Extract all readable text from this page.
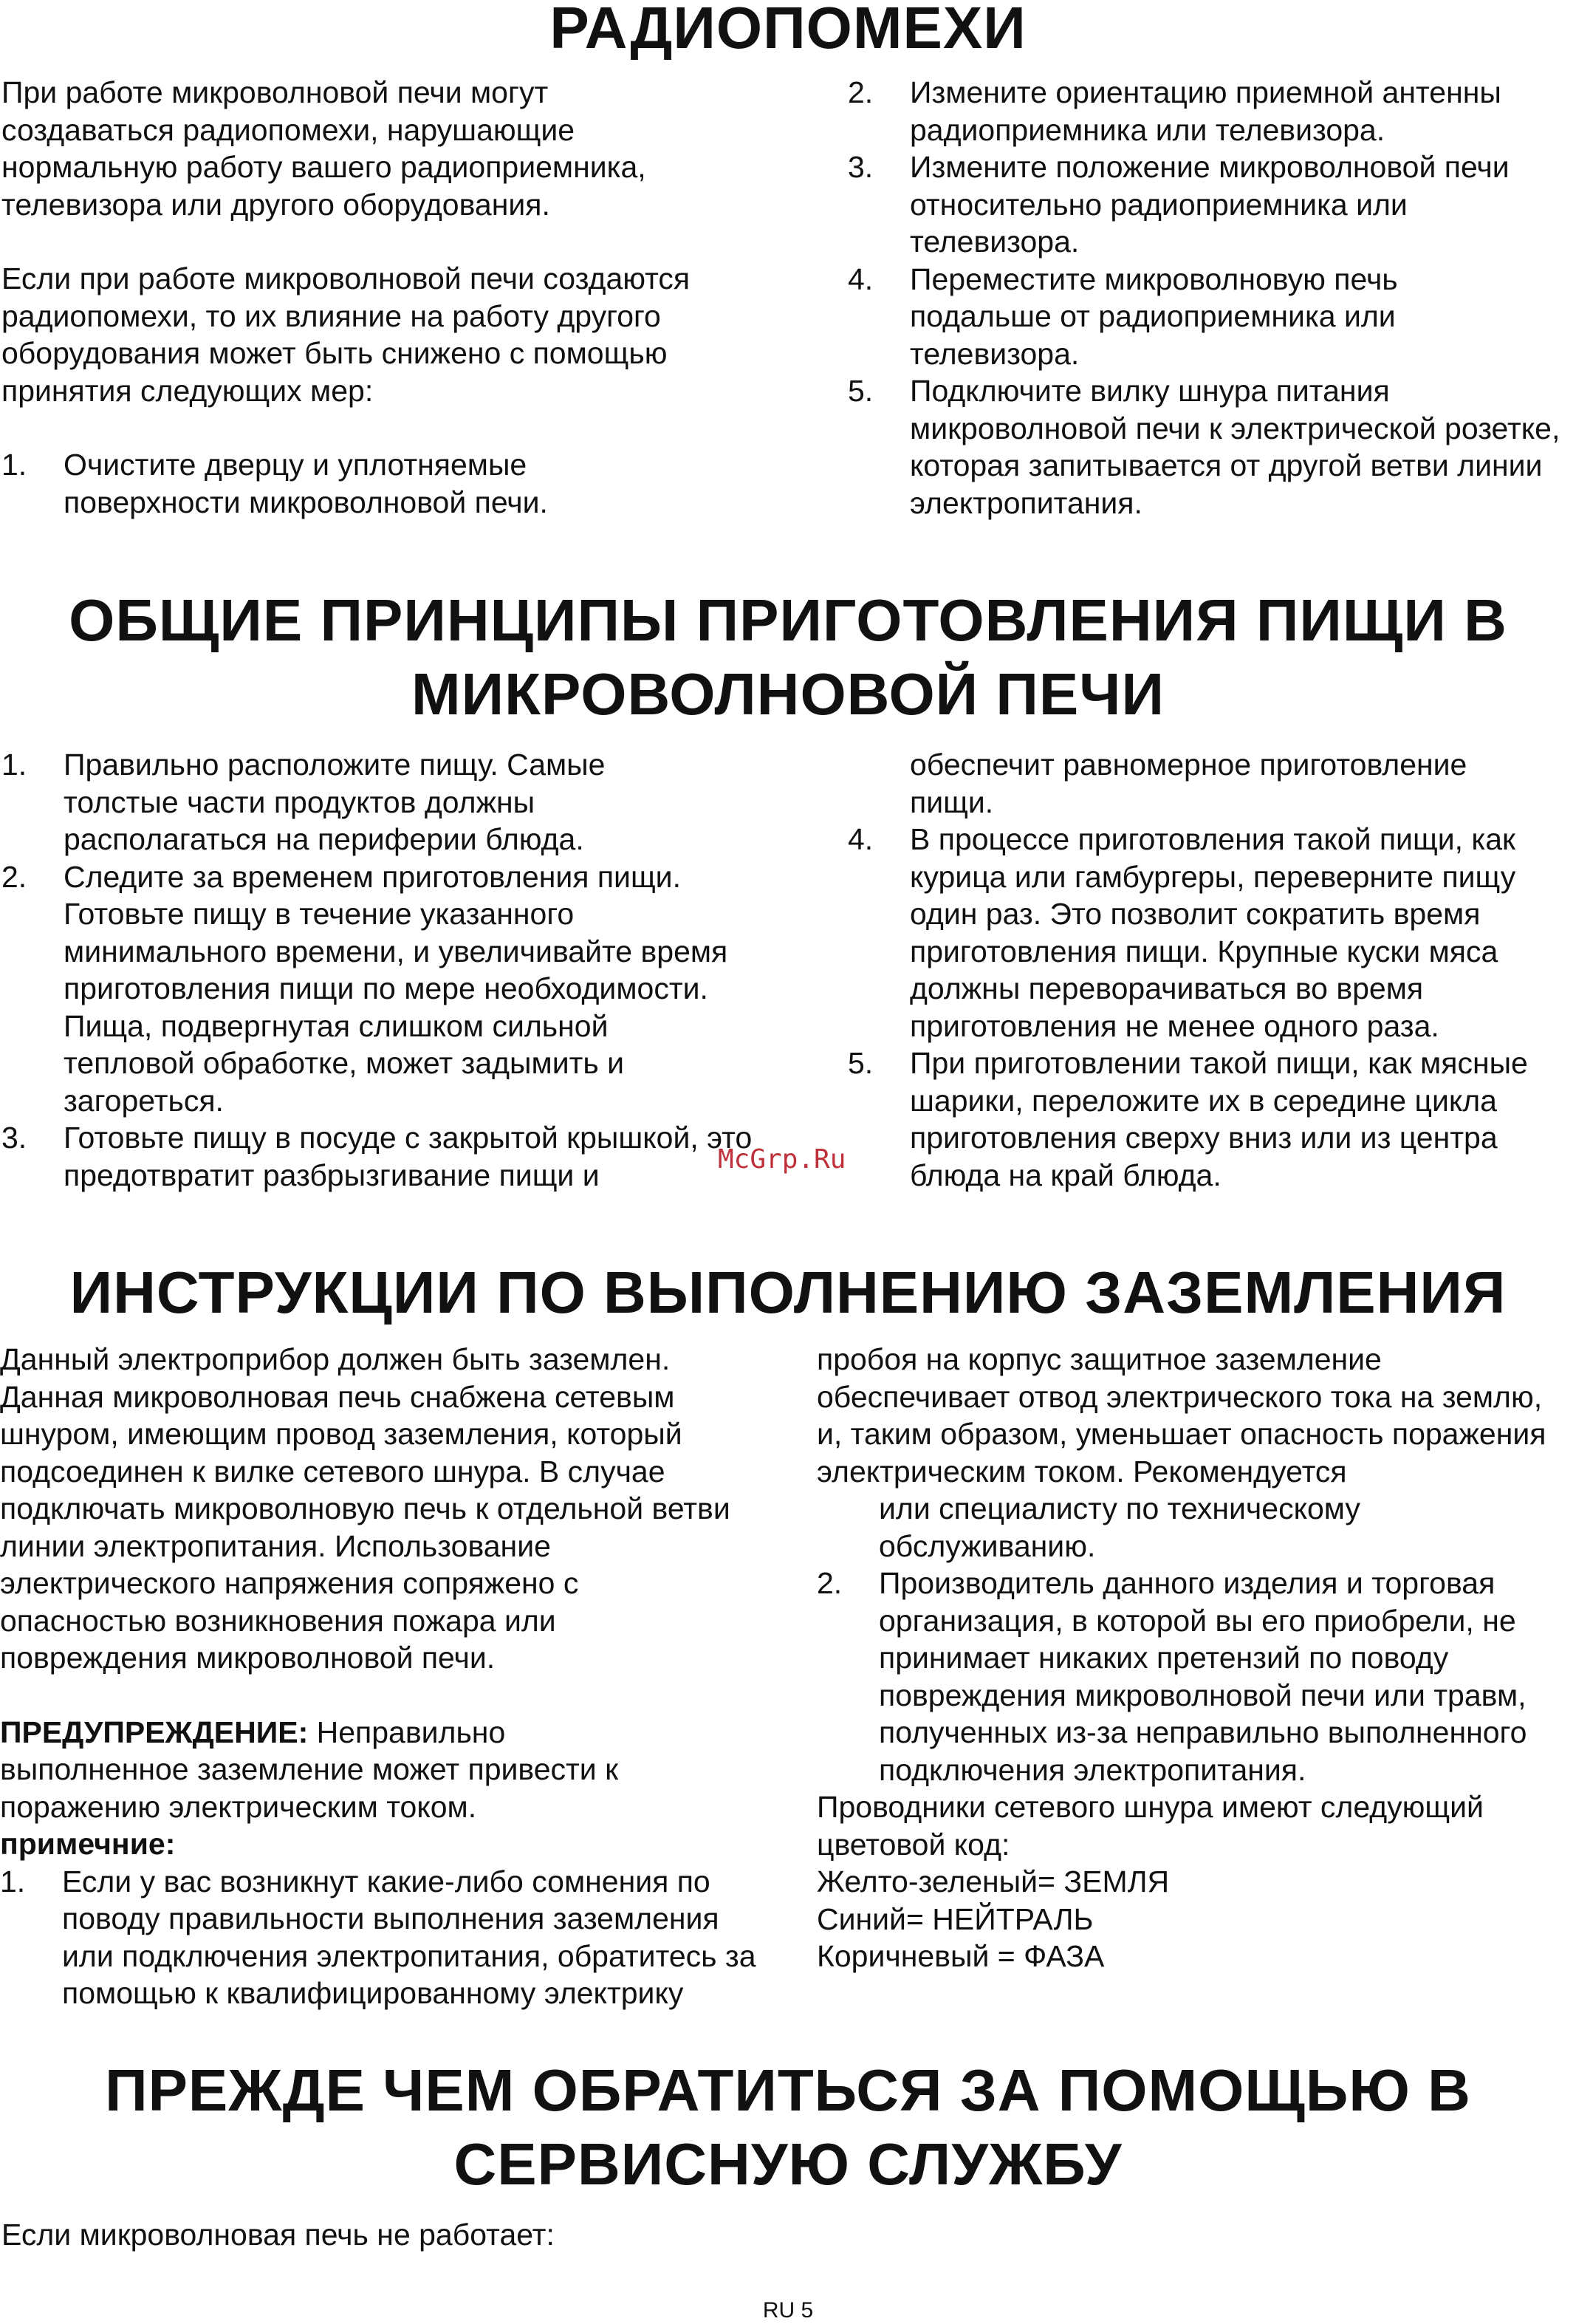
РАДИОПОМЕХИ

При работе микроволновой печи могут создаваться радиопомехи, нарушающие нормальную работу вашего радиоприемника, телевизора или другого оборудования.

Если при работе микроволновой печи создаются радиопомехи, то их влияние на работу другого оборудования может быть снижено с помощью принятия следующих мер:

1.	Очистите дверцу и уплотняемые поверхности микроволновой печи.
2.	Измените ориентацию приемной антенны радиоприемника или телевизора.
3.	Измените положение микроволновой печи относительно радиоприемника или телевизора.
4.	Переместите микроволновую печь подальше от радиоприемника или телевизора.
5.	Подключите вилку шнура питания микроволновой печи к электрической розетке, которая запитывается от другой ветви линии электропитания.
ОБЩИЕ ПРИНЦИПЫ ПРИГОТОВЛЕНИЯ ПИЩИ В
МИКРОВОЛНОВОЙ ПЕЧИ
1.	Правильно расположите пищу. Самые толстые части продуктов должны располагаться на периферии блюда.
2.	Следите за временем приготовления пищи. Готовьте пищу в течение указанного минимального времени, и увеличивайте время приготовления пищи по мере необходимости. Пища, подвергнутая слишком сильной тепловой обработке, может задымить и загореться.
3.	Готовьте пищу в посуде с закрытой крышкой, это предотвратит разбрызгивание пищи и
обеспечит равномерное приготовление пищи.
4.	В процессе приготовления такой пищи, как курица или гамбургеры, переверните пищу один раз. Это позволит сократить время приготовления пищи. Крупные куски мяса должны переворачиваться во время приготовления не менее одного раза.
5.	При приготовлении такой пищи, как мясные шарики, переложите их в середине цикла приготовления сверху вниз или из центра блюда на край блюда.
McGrp.Ru
ИНСТРУКЦИИ ПО ВЫПОЛНЕНИЮ ЗАЗЕМЛЕНИЯ

Данный электроприбор должен быть заземлен. Данная микроволновая печь снабжена сетевым шнуром, имеющим провод заземления, который подсоединен к вилке сетевого шнура. В случае подключать микроволновую печь к отдельной ветви линии электропитания. Использование электрического напряжения сопряжено с опасностью возникновения пожара или повреждения микроволновой печи.

ПРЕДУПРЕЖДЕНИЕ: Неправильно выполненное заземление может привести к поражению электрическим током.

примечние:

1.	Если у вас возникнут какие-либо сомнения по поводу правильности выполнения заземления или подключения электропитания, обратитесь за помощью к квалифицированному электрику

пробоя на корпус защитное заземление обеспечивает отвод электрического тока на землю, и, таким образом, уменьшает опасность поражения электрическим током. Рекомендуется

или специалисту по техническому обслуживанию.

2.	Производитель данного изделия и торговая организация, в которой вы его приобрели, не принимает никаких претензий по поводу повреждения микроволновой печи или травм, полученных из-за неправильно выполненного подключения электропитания.

Проводники сетевого шнура имеют следующий цветовой код:

Желто-зеленый= ЗЕМЛЯ

Синий= НЕЙТРАЛЬ

Коричневый = ФАЗА

ПРЕЖДЕ ЧЕМ ОБРАТИТЬСЯ ЗА ПОМОЩЬЮ В
СЕРВИСНУЮ СЛУЖБУ

Если микроволновая печь не работает:

RU 5
